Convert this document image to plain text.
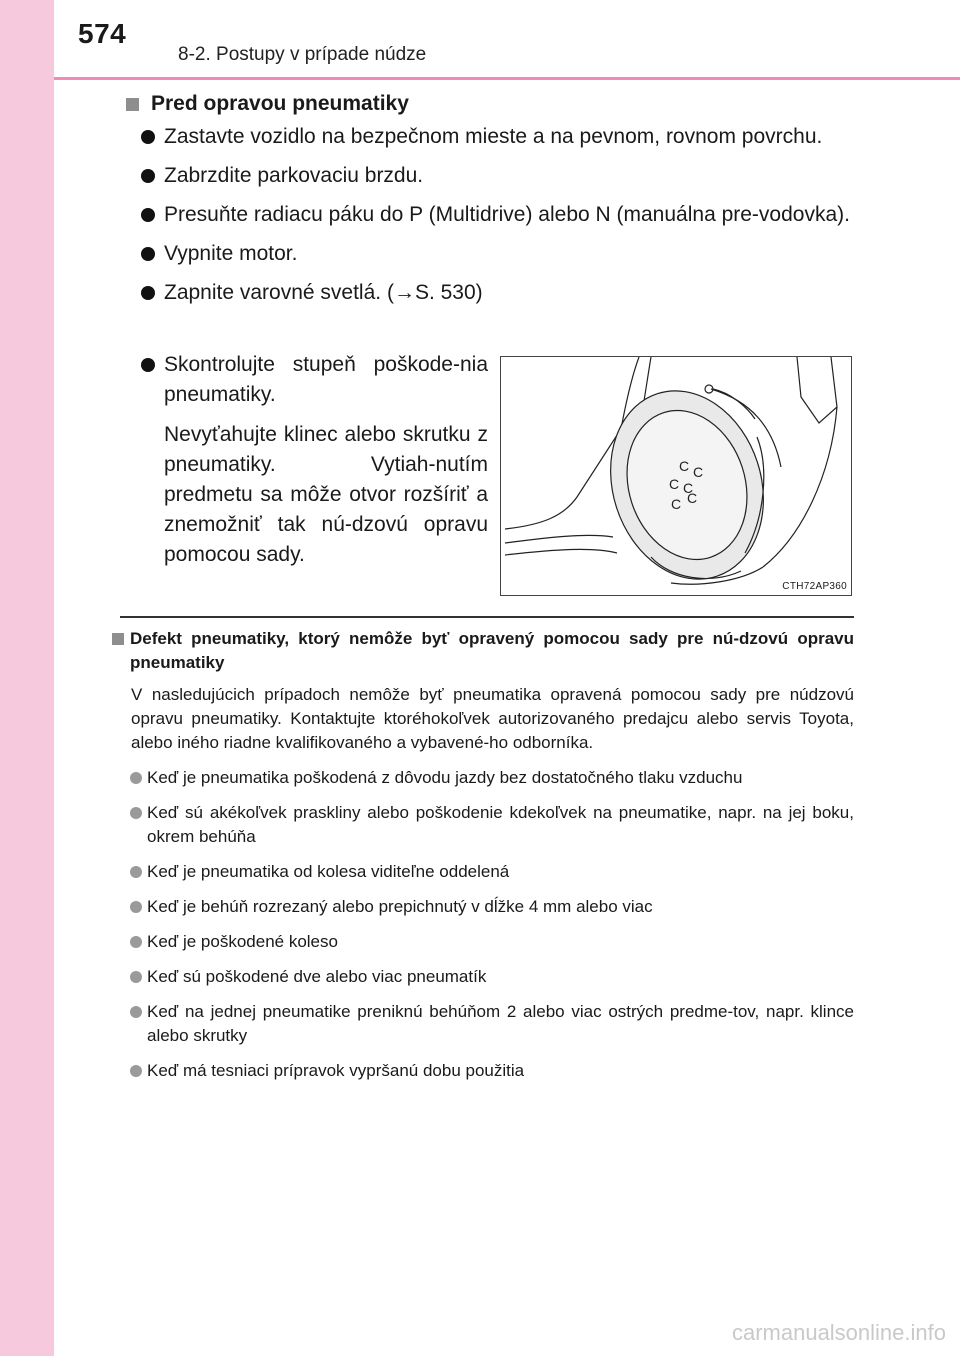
574
8-2. Postupy v prípade núdze
Pred opravou pneumatiky
Zastavte vozidlo na bezpečnom mieste a na pevnom, rovnom povrchu.
Zabrzdite parkovaciu brzdu.
Presuňte radiacu páku do P (Multidrive) alebo N (manuálna pre-vodovka).
Vypnite motor.
Zapnite varovné svetlá. (→S. 530)
Skontrolujte stupeň poškode-nia pneumatiky.
Nevyťahujte klinec alebo skrutku z pneumatiky. Vytiah-nutím predmetu sa môže otvor rozšíriť a znemožniť tak nú-dzovú opravu pomocou sady.
C C
C C
C C
CTH72AP360
Defekt pneumatiky, ktorý nemôže byť opravený pomocou sady pre nú-dzovú opravu pneumatiky
V nasledujúcich prípadoch nemôže byť pneumatika opravená pomocou sady pre núdzovú opravu pneumatiky. Kontaktujte ktoréhokoľvek autorizovaného predajcu alebo servis Toyota, alebo iného riadne kvalifikovaného a vybavené-ho odborníka.
Keď je pneumatika poškodená z dôvodu jazdy bez dostatočného tlaku vzduchu
Keď sú akékoľvek praskliny alebo poškodenie kdekoľvek na pneumatike, napr. na jej boku, okrem behúňa
Keď je pneumatika od kolesa viditeľne oddelená
Keď je behúň rozrezaný alebo prepichnutý v dĺžke 4 mm alebo viac
Keď je poškodené koleso
Keď sú poškodené dve alebo viac pneumatík
Keď na jednej pneumatike preniknú behúňom 2 alebo viac ostrých predme-tov, napr. klince alebo skrutky
Keď má tesniaci prípravok vypršanú dobu použitia
carmanualsonline.info
